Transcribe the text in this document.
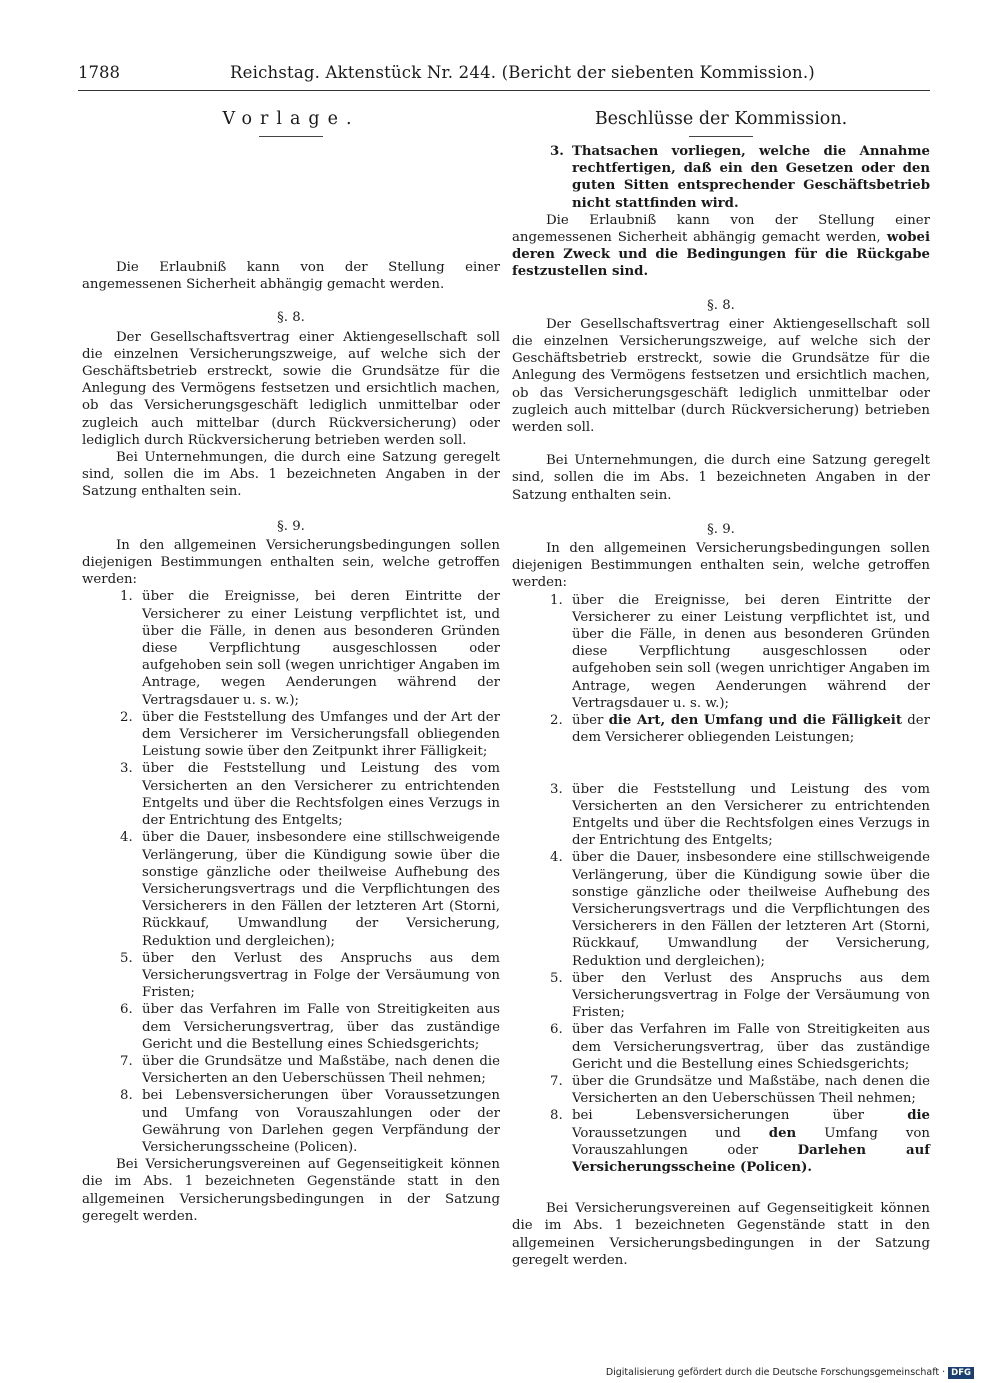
1788	Reichstag. Aktenstück Nr. 244. (Bericht der siebenten Kommission.)
Vorlage.

Die Erlaubniß kann von der Stellung einer angemessenen Sicherheit abhängig gemacht werden.

§. 8.

Der Gesellschaftsvertrag einer Aktiengesellschaft soll die einzelnen Versicherungszweige, auf welche sich der Geschäftsbetrieb erstreckt, sowie die Grundsätze für die Anlegung des Vermögens festsetzen und ersichtlich machen, ob das Versicherungsgeschäft lediglich unmittelbar oder zugleich auch mittelbar (durch Rückversicherung) oder lediglich durch Rückversicherung betrieben werden soll.

Bei Unternehmungen, die durch eine Satzung geregelt sind, sollen die im Abs. 1 bezeichneten Angaben in der Satzung enthalten sein.

§. 9.

In den allgemeinen Versicherungsbedingungen sollen diejenigen Bestimmungen enthalten sein, welche getroffen werden:

1. über die Ereignisse, bei deren Eintritte der Versicherer zu einer Leistung verpflichtet ist, und über die Fälle, in denen aus besonderen Gründen diese Verpflichtung ausgeschlossen oder aufgehoben sein soll (wegen unrichtiger Angaben im Antrage, wegen Aenderungen während der Vertragsdauer u. s. w.);
2. über die Feststellung des Umfanges und der Art der dem Versicherer im Versicherungsfall obliegenden Leistung sowie über den Zeitpunkt ihrer Fälligkeit;
3. über die Feststellung und Leistung des vom Versicherten an den Versicherer zu entrichtenden Entgelts und über die Rechtsfolgen eines Verzugs in der Entrichtung des Entgelts;
4. über die Dauer, insbesondere eine stillschweigende Verlängerung, über die Kündigung sowie über die sonstige gänzliche oder theilweise Aufhebung des Versicherungsvertrags und die Verpflichtungen des Versicherers in den Fällen der letzteren Art (Storni, Rückkauf, Umwandlung der Versicherung, Reduktion und dergleichen);
5. über den Verlust des Anspruchs aus dem Versicherungsvertrag in Folge der Versäumung von Fristen;
6. über das Verfahren im Falle von Streitigkeiten aus dem Versicherungsvertrag, über das zuständige Gericht und die Bestellung eines Schiedsgerichts;
7. über die Grundsätze und Maßstäbe, nach denen die Versicherten an den Ueberschüssen Theil nehmen;
8. bei Lebensversicherungen über Voraussetzungen und Umfang von Vorauszahlungen oder der Gewährung von Darlehen gegen Verpfändung der Versicherungsscheine (Policen).

Bei Versicherungsvereinen auf Gegenseitigkeit können die im Abs. 1 bezeichneten Gegenstände statt in den allgemeinen Versicherungsbedingungen in der Satzung geregelt werden.

Beschlüsse der Kommission.
3. Thatsachen vorliegen, welche die Annahme rechtfertigen, daß ein den Gesetzen oder den guten Sitten entsprechender Geschäftsbetrieb nicht stattfinden wird.

Die Erlaubniß kann von der Stellung einer angemessenen Sicherheit abhängig gemacht werden, wobei deren Zweck und die Bedingungen für die Rückgabe festzustellen sind.

§. 8.

Der Gesellschaftsvertrag einer Aktiengesellschaft soll die einzelnen Versicherungszweige, auf welche sich der Geschäftsbetrieb erstreckt, sowie die Grundsätze für die Anlegung des Vermögens festsetzen und ersichtlich machen, ob das Versicherungsgeschäft lediglich unmittelbar oder zugleich auch mittelbar (durch Rückversicherung) betrieben werden soll.

Bei Unternehmungen, die durch eine Satzung geregelt sind, sollen die im Abs. 1 bezeichneten Angaben in der Satzung enthalten sein.

§. 9.

In den allgemeinen Versicherungsbedingungen sollen diejenigen Bestimmungen enthalten sein, welche getroffen werden:

1. über die Ereignisse, bei deren Eintritte der Versicherer zu einer Leistung verpflichtet ist, und über die Fälle, in denen aus besonderen Gründen diese Verpflichtung ausgeschlossen oder aufgehoben sein soll (wegen unrichtiger Angaben im Antrage, wegen Aenderungen während der Vertragsdauer u. s. w.);
2. über die Art, den Umfang und die Fälligkeit der dem Versicherer obliegenden Leistungen;
3. über die Feststellung und Leistung des vom Versicherten an den Versicherer zu entrichtenden Entgelts und über die Rechtsfolgen eines Verzugs in der Entrichtung des Entgelts;
4. über die Dauer, insbesondere eine stillschweigende Verlängerung, über die Kündigung sowie über die sonstige gänzliche oder theilweise Aufhebung des Versicherungsvertrags und die Verpflichtungen des Versicherers in den Fällen der letzteren Art (Storni, Rückkauf, Umwandlung der Versicherung, Reduktion und dergleichen);
5. über den Verlust des Anspruchs aus dem Versicherungsvertrag in Folge der Versäumung von Fristen;
6. über das Verfahren im Falle von Streitigkeiten aus dem Versicherungsvertrag, über das zuständige Gericht und die Bestellung eines Schiedsgerichts;
7. über die Grundsätze und Maßstäbe, nach denen die Versicherten an den Ueberschüssen Theil nehmen;
8. bei Lebensversicherungen über die Voraussetzungen und den Umfang von Vorauszahlungen oder Darlehen auf Versicherungsscheine (Policen).

Bei Versicherungsvereinen auf Gegenseitigkeit können die im Abs. 1 bezeichneten Gegenstände statt in den allgemeinen Versicherungsbedingungen in der Satzung geregelt werden.

Digitalisierung gefördert durch die Deutsche Forschungsgemeinschaft · DFG
